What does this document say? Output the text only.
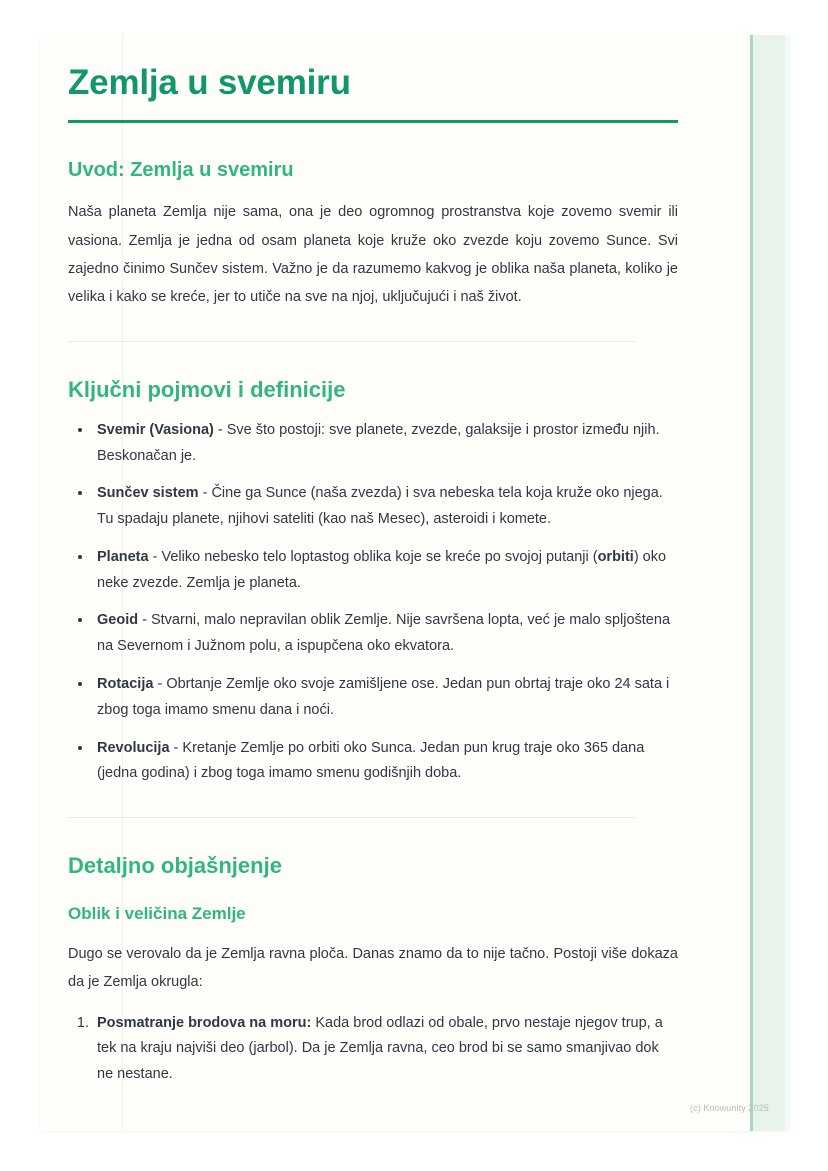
Zemlja u svemiru
Uvod: Zemlja u svemiru

Naša planeta Zemlja nije sama, ona je deo ogromnog prostranstva koje zovemo svemir ili vasiona. Zemlja je jedna od osam planeta koje kruže oko zvezde koju zovemo Sunce. Svi zajedno činimo Sunčev sistem. Važno je da razumemo kakvog je oblika naša planeta, koliko je velika i kako se kreće, jer to utiče na sve na njoj, uključujući i naš život.

Ključni pojmovi i definicije
• Svemir (Vasiona) - Sve što postoji: sve planete, zvezde, galaksije i prostor između njih. Beskonačan je.
• Sunčev sistem - Čine ga Sunce (naša zvezda) i sva nebeska tela koja kruže oko njega. Tu spadaju planete, njihovi sateliti (kao naš Mesec), asteroidi i komete.
• Planeta - Veliko nebesko telo loptastog oblika koje se kreće po svojoj putanji (orbiti) oko neke zvezde. Zemlja je planeta.
• Geoid - Stvarni, malo nepravilan oblik Zemlje. Nije savršena lopta, već je malo spljoštena na Severnom i Južnom polu, a ispupčena oko ekvatora.
• Rotacija - Obrtanje Zemlje oko svoje zamišljene ose. Jedan pun obrtaj traje oko 24 sata i zbog toga imamo smenu dana i noći.
• Revolucija - Kretanje Zemlje po orbiti oko Sunca. Jedan pun krug traje oko 365 dana (jedna godina) i zbog toga imamo smenu godišnjih doba.
Detaljno objašnjenje
Oblik i veličina Zemlje

Dugo se verovalo da je Zemlja ravna ploča. Danas znamo da to nije tačno. Postoji više dokaza da je Zemlja okrugla:

1. Posmatranje brodova na moru: Kada brod odlazi od obale, prvo nestaje njegov trup, a tek na kraju najviši deo (jarbol). Da je Zemlja ravna, ceo brod bi se samo smanjivao dok ne nestane.
(c) Knowunity 2025
